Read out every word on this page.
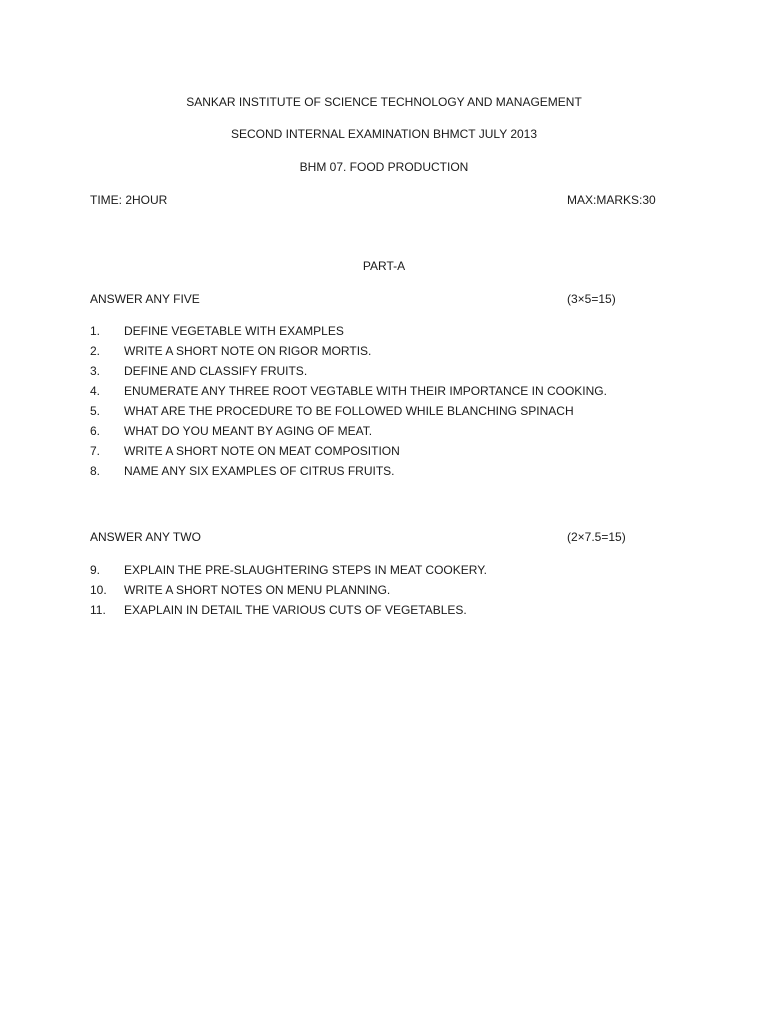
SANKAR INSTITUTE OF SCIENCE TECHNOLOGY AND MANAGEMENT
SECOND INTERNAL EXAMINATION BHMCT JULY 2013
BHM 07. FOOD PRODUCTION
TIME: 2HOUR	MAX:MARKS:30
PART-A
ANSWER ANY FIVE	(3×5=15)
1. DEFINE VEGETABLE WITH EXAMPLES
2. WRITE A SHORT NOTE ON RIGOR MORTIS.
3. DEFINE AND CLASSIFY FRUITS.
4. ENUMERATE ANY THREE ROOT VEGTABLE WITH THEIR IMPORTANCE IN COOKING.
5. WHAT ARE THE PROCEDURE TO BE FOLLOWED WHILE BLANCHING SPINACH
6. WHAT DO YOU MEANT BY AGING OF MEAT.
7. WRITE A SHORT NOTE ON MEAT COMPOSITION
8. NAME ANY SIX EXAMPLES OF CITRUS FRUITS.
ANSWER ANY TWO	(2×7.5=15)
9. EXPLAIN THE PRE-SLAUGHTERING STEPS IN MEAT COOKERY.
10. WRITE A SHORT NOTES ON MENU PLANNING.
11. EXAPLAIN IN DETAIL THE VARIOUS CUTS OF VEGETABLES.
